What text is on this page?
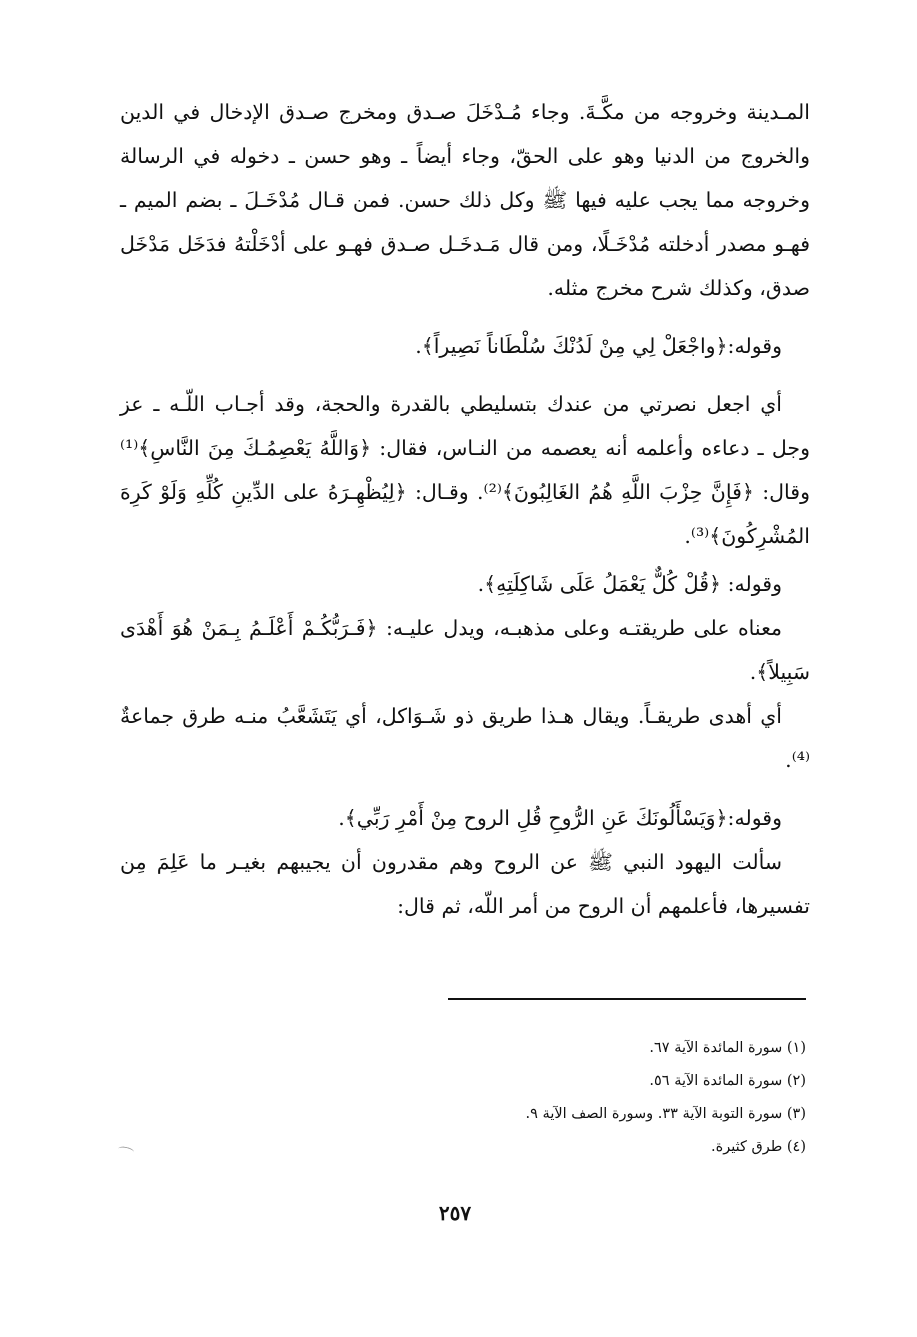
المـدينة وخروجه من مكَّـةَ. وجاء مُـدْخَلَ صـدق ومخرج صـدق الإدخال في الدين والخروج من الدنيا وهو على الحقّ، وجاء أيضاً ـ وهو حسن ـ دخوله في الرسالة وخروجه مما يجب عليه فيها ﷺ وكل ذلك حسن. فمن قـال مُدْخَـلَ ـ بضم الميم ـ فهـو مصدر أدخلته مُدْخَـلًا، ومن قال مَـدخَـل صـدق فهـو على أدْخَلْتهُ فدَخَل مَدْخَل صدق، وكذلك شرح مخرج مثله.

وقوله:﴿واجْعَلْ لِي مِنْ لَدُنْكَ سُلْطَاناً نَصِيراً﴾.

أي اجعل نصرتي من عندك بتسليطي بالقدرة والحجة، وقد أجـاب اللّـه ـ عز وجل ـ دعاءه وأعلمه أنه يعصمه من النـاس، فقال: ﴿وَاللَّهُ يَعْصِمُـكَ مِنَ النَّاسِ﴾⁽¹⁾ وقال: ﴿فَإِنَّ حِزْبَ اللَّهِ هُمُ الغَالِبُونَ﴾⁽²⁾. وقـال: ﴿لِيُظْهِـرَهُ على الدِّينِ كُلِّهِ وَلَوْ كَرِهَ المُشْرِكُونَ﴾⁽³⁾.

وقوله: ﴿قُلْ كُلٌّ يَعْمَلُ عَلَى شَاكِلَتِهِ﴾.

معناه على طريقتـه وعلى مذهبـه، ويدل عليـه: ﴿فَـرَبُّكُـمْ أَعْلَـمُ بِـمَنْ هُوَ أَهْدَى سَبِيلاً﴾.

أي أهدى طريقـاً. ويقال هـذا طريق ذو شَـوَاكل، أي يَتَشَعَّبُ منـه طرق جماعةٌ ⁽⁴⁾.

وقوله:﴿وَيَسْأَلُونَكَ عَنِ الرُّوحِ قُلِ الروح مِنْ أَمْرِ رَبِّي﴾.

سألت اليهود النبي ﷺ عن الروح وهم مقدرون أن يجيبهم بغيـر ما عَلِمَ مِن تفسيرها، فأعلمهم أن الروح من أمر اللّه، ثم قال:

(١) سورة المائدة الآية ٦٧.

(٢) سورة المائدة الآية ٥٦.

(٣) سورة التوبة الآية ٣٣. وسورة الصف الآية ٩.

(٤) طرق كثيرة.

٢٥٧
